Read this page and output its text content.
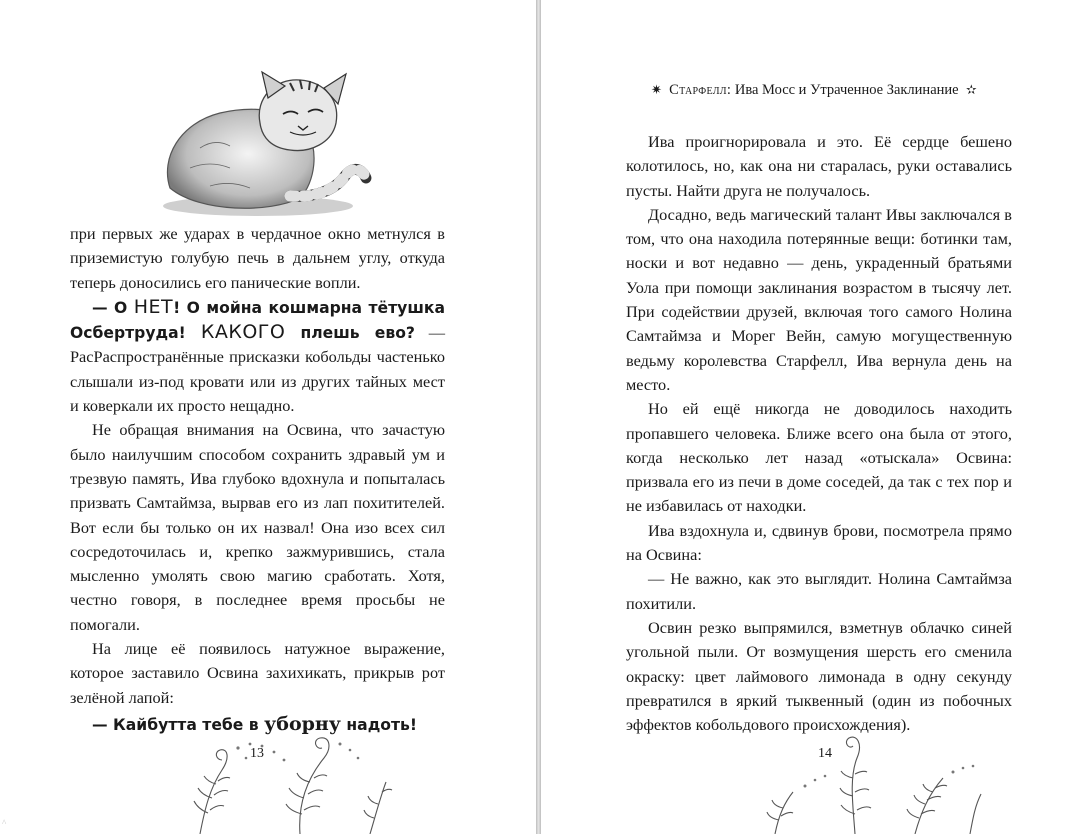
при первых же ударах в чердачное окно метнулся в приземистую голубую печь в дальнем углу, откуда теперь доносились его панические вопли.

— О НЕТ! О мойна кошмарна тётушка Осбертруда! КАКОГО плешь ево? — РасРаспространённые присказки кобольды частенько слышали из-под кровати или из других тайных мест и коверкали их просто нещадно.

Не обращая внимания на Освина, что зачастую было наилучшим способом сохранить здравый ум и трезвую память, Ива глубоко вдохнула и попыталась призвать Самтаймза, вырвав его из лап похитителей. Вот если бы только он их назвал! Она изо всех сил сосредоточилась и, крепко зажмурившись, стала мысленно умолять свою магию сработать. Хотя, честно говоря, в последнее время просьбы не помогали.

На лице её появилось натужное выражение, которое заставило Освина захихикать, прикрыв рот зелёной лапой:

— Кайбутта тебе в уборну надоть!

13
✷ Старфелл: Ива Мосс и Утраченное Заклинание ✫

Ива проигнорировала и это. Её сердце бешено колотилось, но, как она ни старалась, руки оставались пусты. Найти друга не получалось.

Досадно, ведь магический талант Ивы заключался в том, что она находила потерянные вещи: ботинки там, носки и вот недавно — день, украденный братьями Уола при помощи заклинания возрастом в тысячу лет. При содействии друзей, включая того самого Нолина Самтаймза и Морег Вейн, самую могущественную ведьму королевства Старфелл, Ива вернула день на место.

Но ей ещё никогда не доводилось находить пропавшего человека. Ближе всего она была от этого, когда несколько лет назад «отыскала» Освина: призвала его из печи в доме соседей, да так с тех пор и не избавилась от находки.

Ива вздохнула и, сдвинув брови, посмотрела прямо на Освина:

— Не важно, как это выглядит. Нолина Самтаймза похитили.

Освин резко выпрямился, взметнув облачко синей угольной пыли. От возмущения шерсть его сменила окраску: цвет лаймового лимонада в одну секунду превратился в яркий тыквенный (один из побочных эффектов кобольдового происхождения).

14
^
